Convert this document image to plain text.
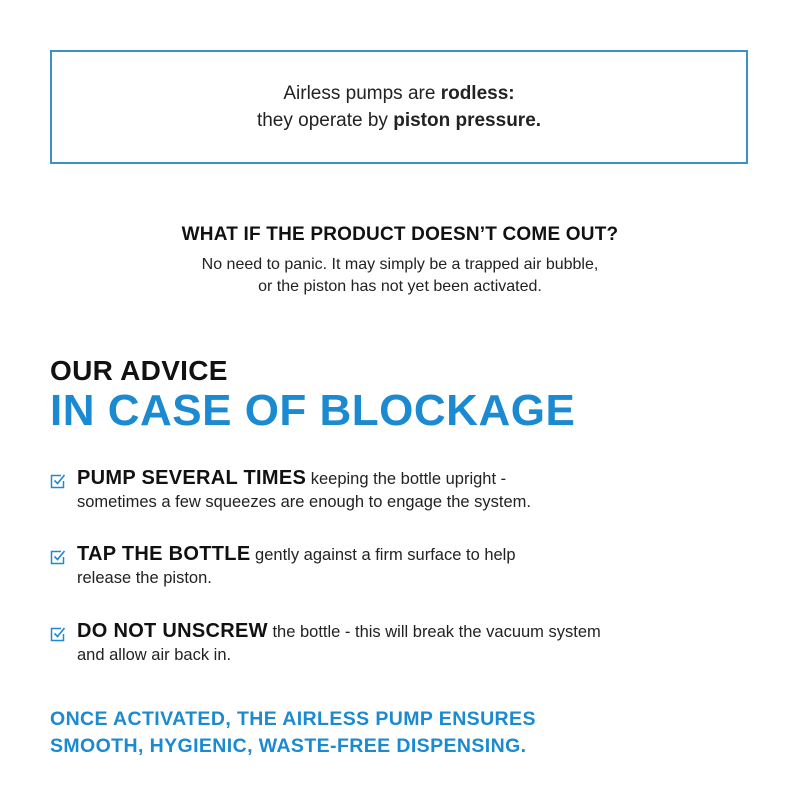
Airless pumps are rodless:
they operate by piston pressure.
WHAT IF THE PRODUCT DOESN’T COME OUT?
No need to panic. It may simply be a trapped air bubble,
or the piston has not yet been activated.
OUR ADVICE
IN CASE OF BLOCKAGE
PUMP SEVERAL TIMES keeping the bottle upright -
sometimes a few squeezes are enough to engage the system.
TAP THE BOTTLE gently against a firm surface to help
release the piston.
DO NOT UNSCREW the bottle - this will break the vacuum system
and allow air back in.
ONCE ACTIVATED, THE AIRLESS PUMP ENSURES
SMOOTH, HYGIENIC, WASTE-FREE DISPENSING.
